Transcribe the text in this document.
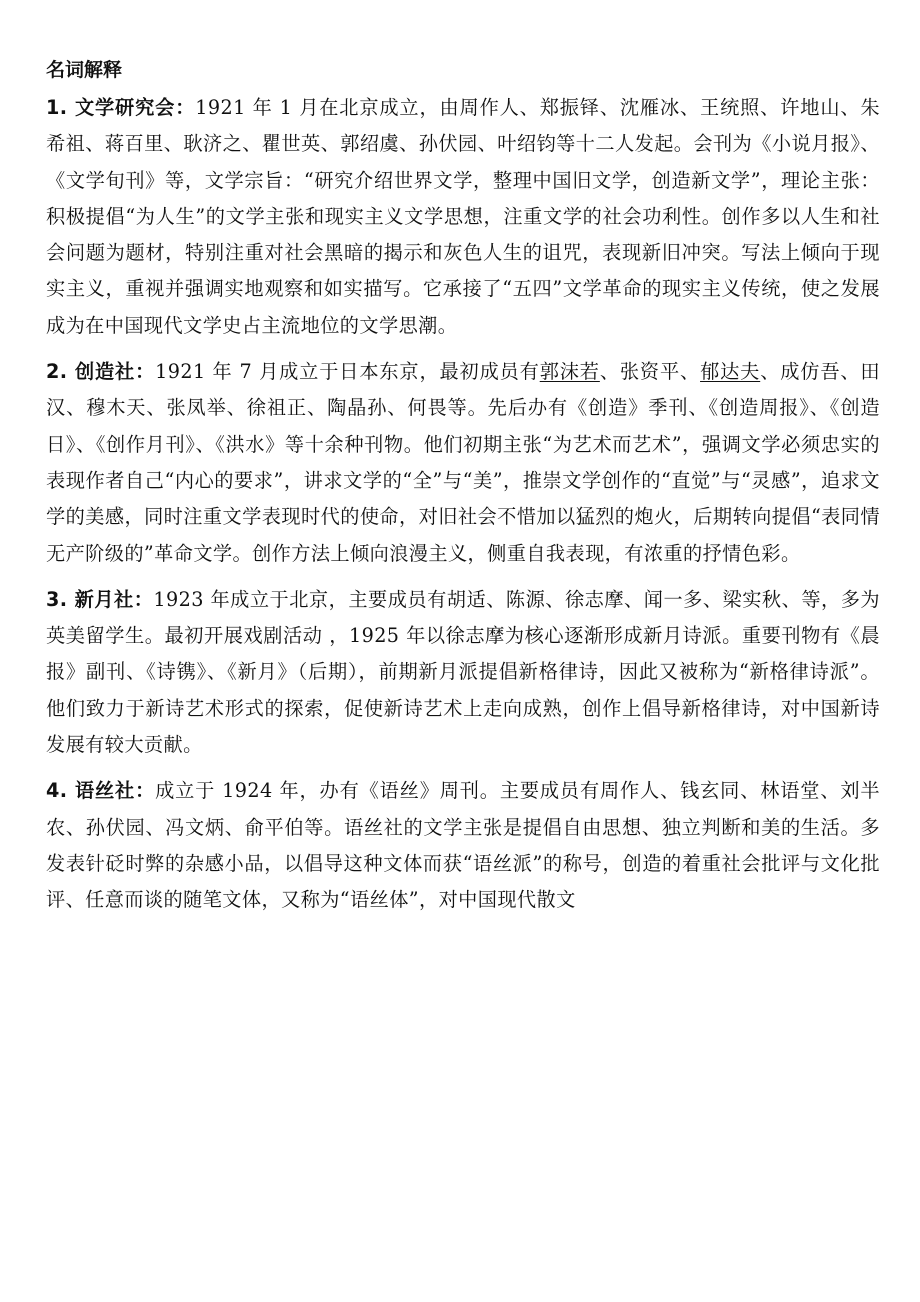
名词解释

1. 文学研究会：1921 年 1 月在北京成立，由周作人、郑振铎、沈雁冰、王统照、许地山、朱希祖、蒋百里、耿济之、瞿世英、郭绍虞、孙伏园、叶绍钧等十二人发起。会刊为《小说月报》、《文学旬刊》等，文学宗旨：“研究介绍世界文学，整理中国旧文学，创造新文学”，理论主张：积极提倡“为人生”的文学主张和现实主义文学思想，注重文学的社会功利性。创作多以人生和社会问题为题材，特别注重对社会黑暗的揭示和灰色人生的诅咒，表现新旧冲突。写法上倾向于现实主义，重视并强调实地观察和如实描写。它承接了“五四”文学革命的现实主义传统，使之发展成为在中国现代文学史占主流地位的文学思潮。

2. 创造社：1921 年 7 月成立于日本东京，最初成员有郭沫若、张资平、郁达夫、成仿吾、田汉、穆木天、张凤举、徐祖正、陶晶孙、何畏等。先后办有《创造》季刊、《创造周报》、《创造日》、《创作月刊》、《洪水》等十余种刊物。他们初期主张“为艺术而艺术”，强调文学必须忠实的表现作者自己“内心的要求”，讲求文学的“全”与“美”，推崇文学创作的“直觉”与“灵感”，追求文学的美感，同时注重文学表现时代的使命，对旧社会不惜加以猛烈的炮火，后期转向提倡“表同情无产阶级的”革命文学。创作方法上倾向浪漫主义，侧重自我表现，有浓重的抒情色彩。

3. 新月社：1923 年成立于北京，主要成员有胡适、陈源、徐志摩、闻一多、梁实秋、等，多为英美留学生。最初开展戏剧活动 ，1925 年以徐志摩为核心逐渐形成新月诗派。重要刊物有《晨报》副刊、《诗镌》、《新月》（后期），前期新月派提倡新格律诗，因此又被称为“新格律诗派”。他们致力于新诗艺术形式的探索，促使新诗艺术上走向成熟，创作上倡导新格律诗，对中国新诗发展有较大贡献。

4. 语丝社：成立于 1924 年，办有《语丝》周刊。主要成员有周作人、钱玄同、林语堂、刘半农、孙伏园、冯文炳、俞平伯等。语丝社的文学主张是提倡自由思想、独立判断和美的生活。多发表针砭时弊的杂感小品，以倡导这种文体而获“语丝派”的称号，创造的着重社会批评与文化批评、任意而谈的随笔文体，又称为“语丝体”，对中国现代散文
